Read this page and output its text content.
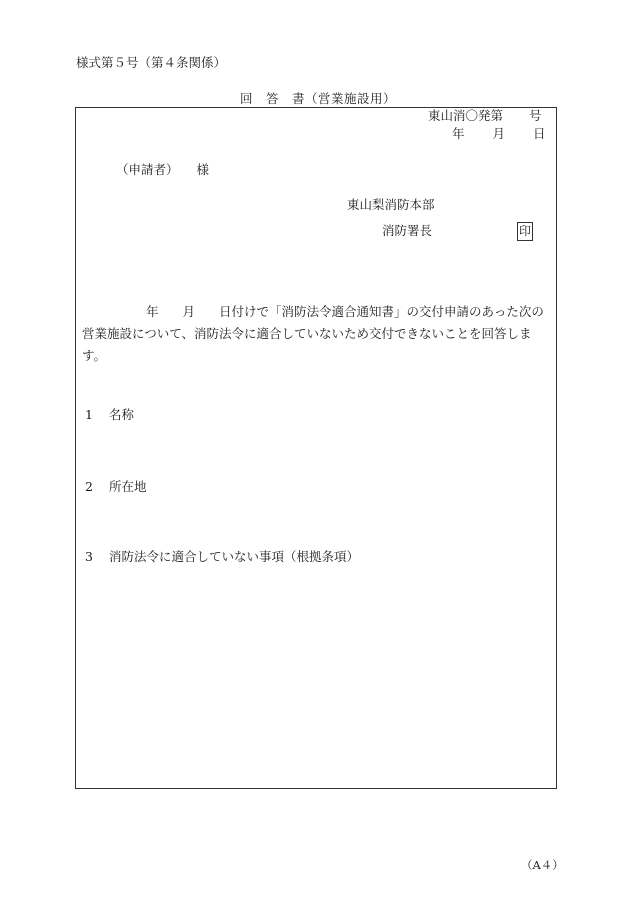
様式第５号（第４条関係）
回　答　書（営業施設用）
東山消〇発第 号
年 月 日
（申請者） 様
東山梨消防本部
消防署長	印
年 月 日付けで「消防法令適合通知書」の交付申請のあった次の営業施設について、消防法令に適合していないため交付できないことを回答します。
1 名称
2 所在地
3 消防法令に適合していない事項（根拠条項）
（A４）
